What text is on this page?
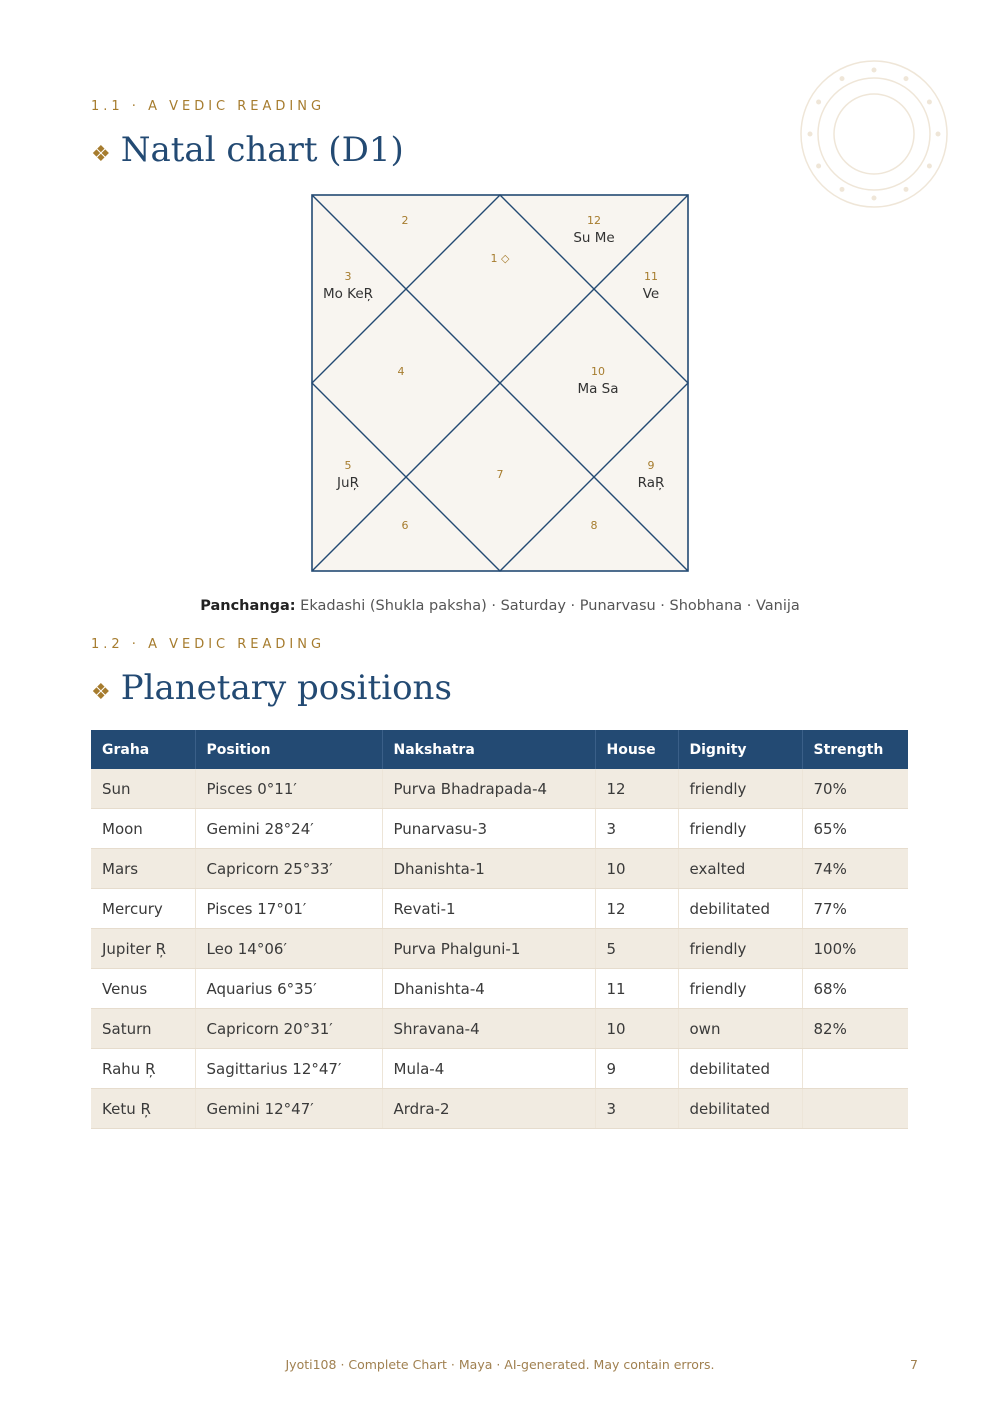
1.1 · A VEDIC READING
❖ Natal chart (D1)
1 ◇
2
3
Mo KeŖ
4
5
JuŖ
6
7
8
9
RaŖ
10
Ma Sa
11
Ve
12
Su Me
Panchanga: Ekadashi (Shukla paksha) · Saturday · Punarvasu · Shobhana · Vanija
1.2 · A VEDIC READING
❖ Planetary positions
Graha	Position	Nakshatra	House	Dignity	Strength
Sun	Pisces 0°11′	Purva Bhadrapada-4	12	friendly	70%
Moon	Gemini 28°24′	Punarvasu-3	3	friendly	65%
Mars	Capricorn 25°33′	Dhanishta-1	10	exalted	74%
Mercury	Pisces 17°01′	Revati-1	12	debilitated	77%
Jupiter Ŗ	Leo 14°06′	Purva Phalguni-1	5	friendly	100%
Venus	Aquarius 6°35′	Dhanishta-4	11	friendly	68%
Saturn	Capricorn 20°31′	Shravana-4	10	own	82%
Rahu Ŗ	Sagittarius 12°47′	Mula-4	9	debilitated	
Ketu Ŗ	Gemini 12°47′	Ardra-2	3	debilitated	
Jyoti108 · Complete Chart · Maya · AI-generated. May contain errors.	7
